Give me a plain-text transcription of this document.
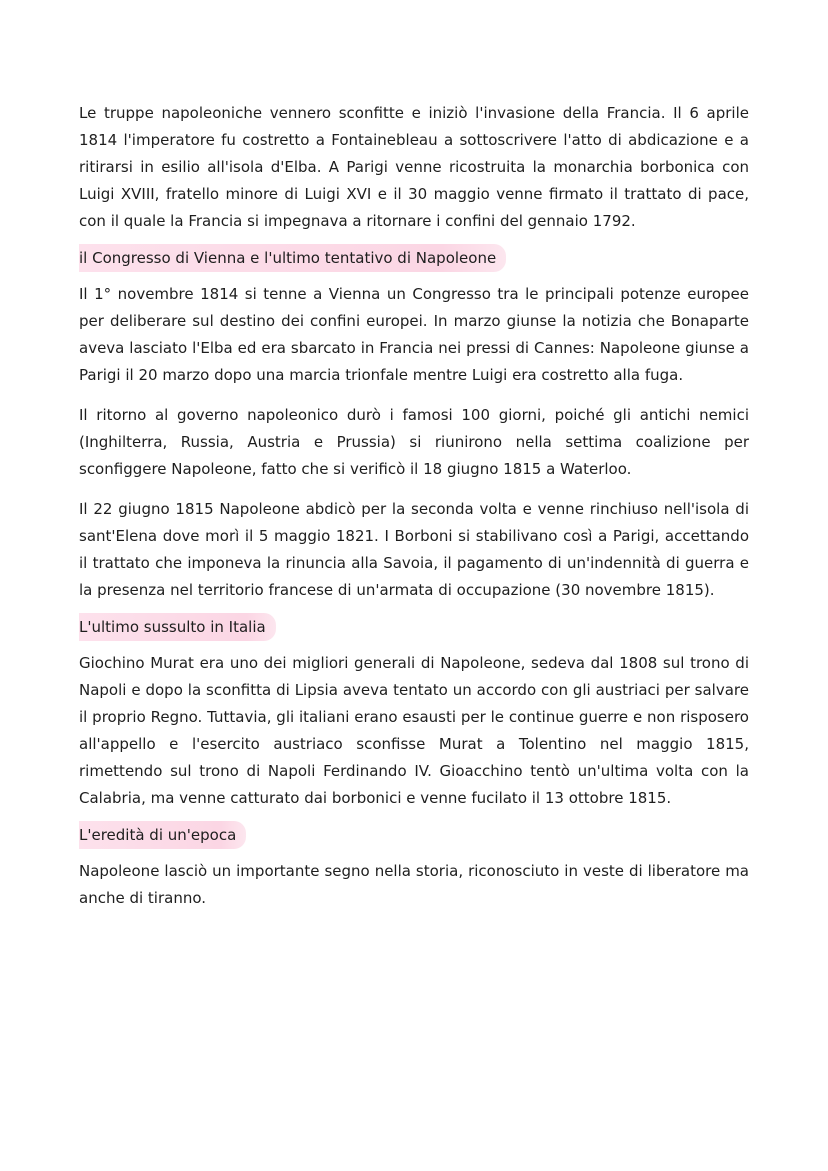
Le truppe napoleoniche vennero sconfitte e iniziò l'invasione della Francia. Il 6 aprile 1814 l'imperatore fu costretto a Fontainebleau a sottoscrivere l'atto di abdicazione e a ritirarsi in esilio all'isola d'Elba. A Parigi venne ricostruita la monarchia borbonica con Luigi XVIII, fratello minore di Luigi XVI e il 30 maggio venne firmato il trattato di pace, con il quale la Francia si impegnava a ritornare i confini del gennaio 1792.

il Congresso di Vienna e l'ultimo tentativo di Napoleone

Il 1° novembre 1814 si tenne a Vienna un Congresso tra le principali potenze europee per deliberare sul destino dei confini europei. In marzo giunse la notizia che Bonaparte aveva lasciato l'Elba ed era sbarcato in Francia nei pressi di Cannes: Napoleone giunse a Parigi il 20 marzo dopo una marcia trionfale mentre Luigi era costretto alla fuga.

Il ritorno al governo napoleonico durò i famosi 100 giorni, poiché gli antichi nemici (Inghilterra, Russia, Austria e Prussia) si riunirono nella settima coalizione per sconfiggere Napoleone, fatto che si verificò il 18 giugno 1815 a Waterloo.

Il 22 giugno 1815 Napoleone abdicò per la seconda volta e venne rinchiuso nell'isola di sant'Elena dove morì il 5 maggio 1821. I Borboni si stabilivano così a Parigi, accettando il trattato che imponeva la rinuncia alla Savoia, il pagamento di un'indennità di guerra e la presenza nel territorio francese di un'armata di occupazione (30 novembre 1815).

L'ultimo sussulto in Italia

Giochino Murat era uno dei migliori generali di Napoleone, sedeva dal 1808 sul trono di Napoli e dopo la sconfitta di Lipsia aveva tentato un accordo con gli austriaci per salvare il proprio Regno. Tuttavia, gli italiani erano esausti per le continue guerre e non risposero all'appello e l'esercito austriaco sconfisse Murat a Tolentino nel maggio 1815, rimettendo sul trono di Napoli Ferdinando IV. Gioacchino tentò un'ultima volta con la Calabria, ma venne catturato dai borbonici e venne fucilato il 13 ottobre 1815.

L'eredità di un'epoca

Napoleone lasciò un importante segno nella storia, riconosciuto in veste di liberatore ma anche di tiranno.
